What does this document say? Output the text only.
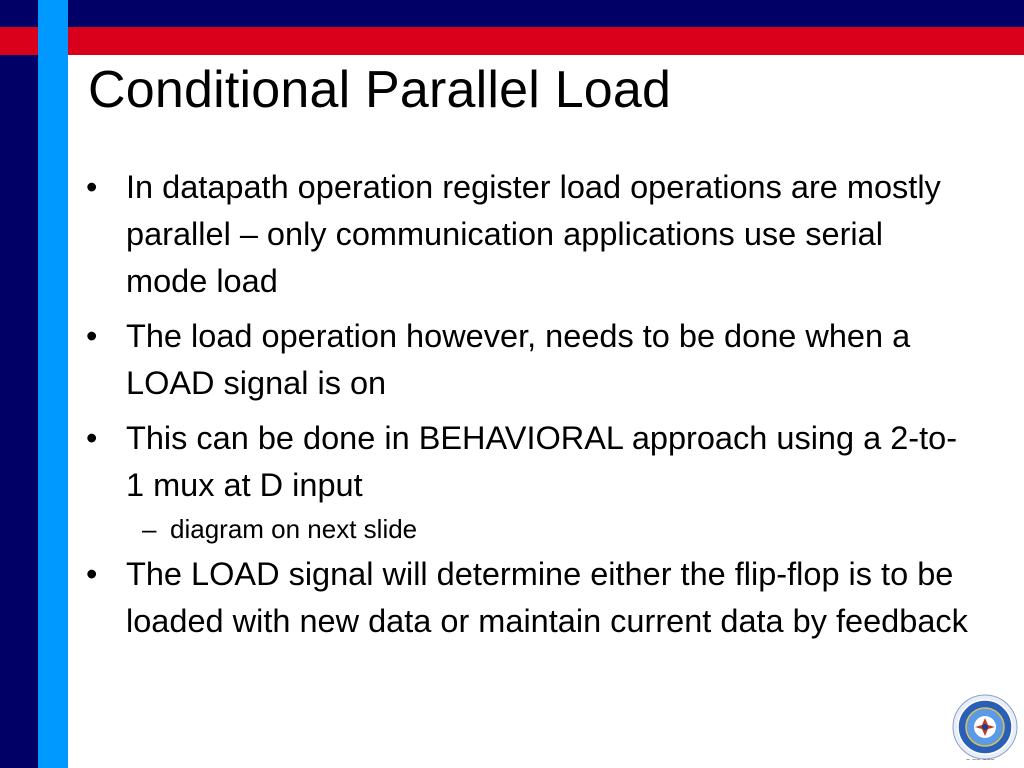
Conditional Parallel Load
• In datapath operation register load operations are mostly parallel – only communication applications use serial mode load
• The load operation however, needs to be done when a LOAD signal is on
• This can be done in BEHAVIORAL approach using a 2-to-1 mux at D input
– diagram on next slide
• The LOAD signal will determine either the flip-flop is to be loaded with new data or maintain current data by feedback
~ ~~ ~~~
